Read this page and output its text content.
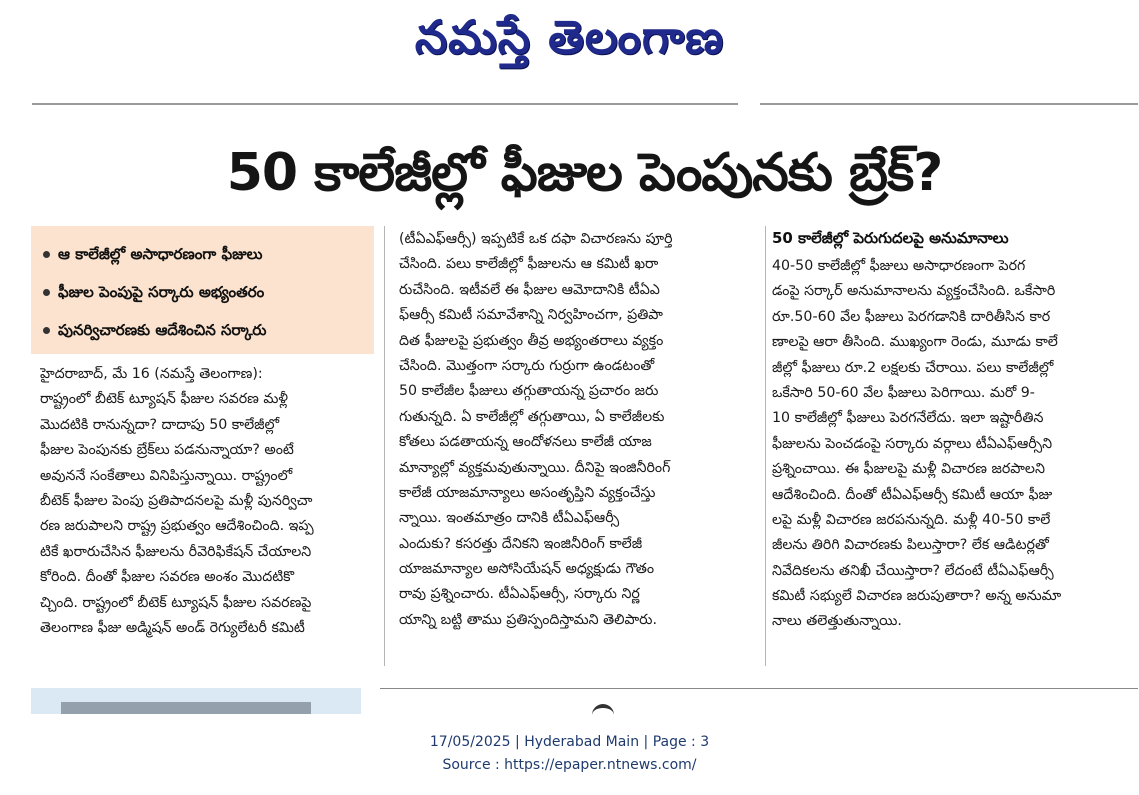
నమస్తే తెలంగాణ
50 కాలేజీల్లో ఫీజుల పెంపునకు బ్రేక్?
ఆ కాలేజీల్లో అసాధారణంగా ఫీజులు
ఫీజుల పెంపుపై సర్కారు అభ్యంతరం
పునర్విచారణకు ఆదేశించిన సర్కారు
హైదరాబాద్, మే 16 (నమస్తే తెలంగాణ):
రాష్ట్రంలో బీటెక్ ట్యూషన్ ఫీజుల సవరణ మళ్లీ
మొదటికి రానున్నదా? దాదాపు 50 కాలేజీల్లో
ఫీజుల పెంపునకు బ్రేక్‌లు పడనున్నాయా? అంటే
అవుననే సంకేతాలు వినిపిస్తున్నాయి. రాష్ట్రంలో
బీటెక్ ఫీజుల పెంపు ప్రతిపాదనలపై మళ్లీ పునర్విచా
రణ జరుపాలని రాష్ట్ర ప్రభుత్వం ఆదేశించింది. ఇప్ప
టికే ఖరారుచేసిన ఫీజులను రీవెరిఫికేషన్ చేయాలని
కోరింది. దీంతో ఫీజుల సవరణ అంశం మొదటికొ
చ్చింది. రాష్ట్రంలో బీటెక్ ట్యూషన్ ఫీజుల సవరణపై
తెలంగాణ ఫీజు అడ్మిషన్ అండ్ రెగ్యులేటరీ కమిటీ
(టీఏఎఫ్ఆర్సీ) ఇప్పటికే ఒక దఫా విచారణను పూర్తి
చేసింది. పలు కాలేజీల్లో ఫీజులను ఆ కమిటీ ఖరా
రుచేసింది. ఇటీవలే ఈ ఫీజుల ఆమోదానికి టీఏఎ
ఫ్ఆర్సీ కమిటీ సమావేశాన్ని నిర్వహించగా, ప్రతిపా
దిత ఫీజులపై ప్రభుత్వం తీవ్ర అభ్యంతరాలు వ్యక్తం
చేసింది. మొత్తంగా సర్కారు గుర్రుగా ఉండటంతో
50 కాలేజీల ఫీజులు తగ్గుతాయన్న ప్రచారం జరు
గుతున్నది. ఏ కాలేజీల్లో తగ్గుతాయి, ఏ కాలేజీలకు
కోతలు పడతాయన్న ఆందోళనలు కాలేజీ యాజ
మాన్యాల్లో వ్యక్తమవుతున్నాయి. దీనిపై ఇంజినీరింగ్
కాలేజీ యాజమాన్యాలు అసంతృప్తిని వ్యక్తంచేస్తు
న్నాయి. ఇంతమాత్రం దానికి టీఏఎఫ్ఆర్సీ
ఎందుకు? కసరత్తు దేనికని ఇంజినీరింగ్ కాలేజీ
యాజమాన్యాల అసోసియేషన్ అధ్యక్షుడు గౌతం
రావు ప్రశ్నించారు. టీఏఎఫ్ఆర్సీ, సర్కారు నిర్ణ
యాన్ని బట్టి తాము ప్రతిస్పందిస్తామని తెలిపారు.
50 కాలేజీల్లో పెరుగుదలపై అనుమానాలు
40-50 కాలేజీల్లో ఫీజులు అసాధారణంగా పెరగ
డంపై సర్కార్ అనుమానాలను వ్యక్తంచేసింది. ఒకేసారి
రూ.50-60 వేల ఫీజులు పెరగడానికి దారితీసిన కార
ణాలపై ఆరా తీసింది. ముఖ్యంగా రెండు, మూడు కాలే
జీల్లో ఫీజులు రూ.2 లక్షలకు చేరాయి. పలు కాలేజీల్లో
ఒకేసారి 50-60 వేల ఫీజులు పెరిగాయి. మరో 9-
10 కాలేజీల్లో ఫీజులు పెరగనేలేదు. ఇలా ఇష్టారీతిన
ఫీజులను పెంచడంపై సర్కారు వర్గాలు టీఏఎఫ్ఆర్సీని
ప్రశ్నించాయి. ఈ ఫీజులపై మళ్లీ విచారణ జరపాలని
ఆదేశించింది. దీంతో టీఏఎఫ్ఆర్సీ కమిటీ ఆయా ఫీజు
లపై మళ్లీ విచారణ జరపనున్నది. మళ్లీ 40-50 కాలే
జీలను తిరిగి విచారణకు పిలుస్తారా? లేక ఆడిటర్లతో
నివేదికలను తనిఖీ చేయిస్తారా? లేదంటే టీఏఎఫ్ఆర్సీ
కమిటీ సభ్యులే విచారణ జరుపుతారా? అన్న అనుమా
నాలు తలెత్తుతున్నాయి.
17/05/2025 | Hyderabad Main | Page : 3
Source : https://epaper.ntnews.com/
